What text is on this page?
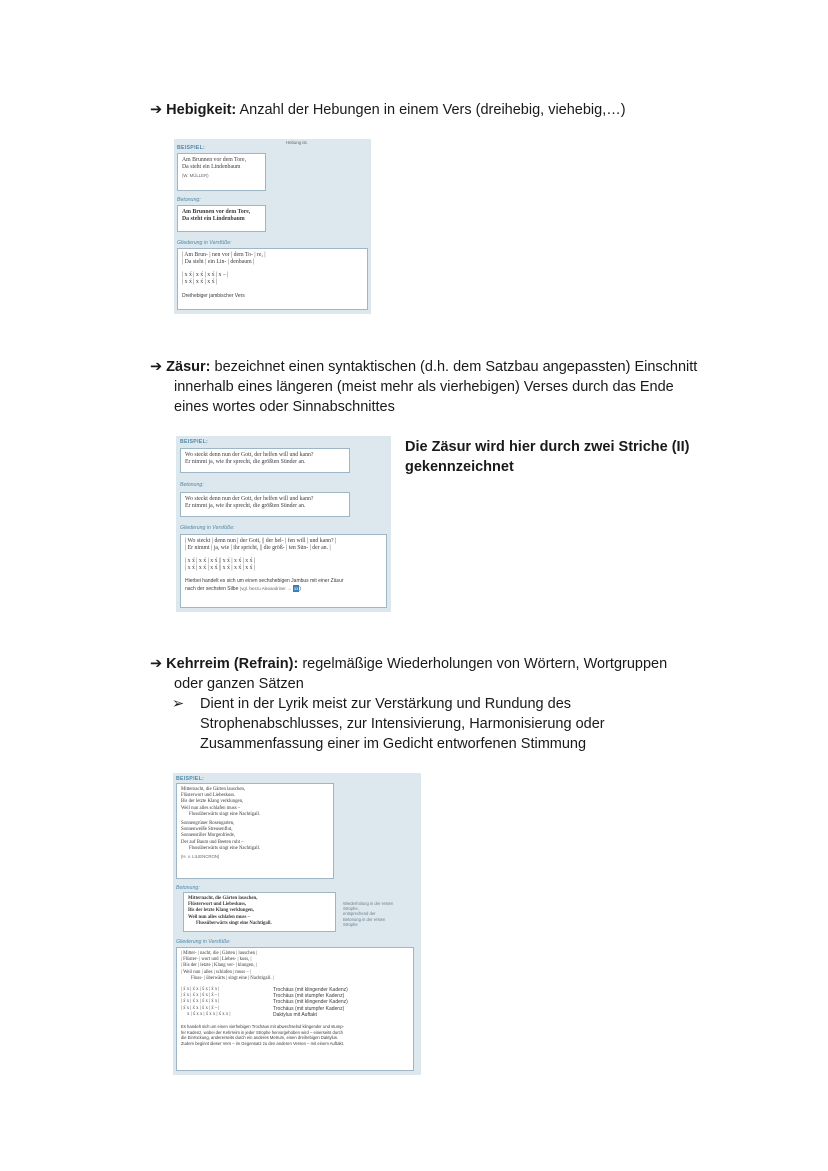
➔ Hebigkeit: Anzahl der Hebungen in einem Vers (dreihebig, viehebig,…)
Hebung ist.
BEISPIEL:
Am Brunnen vor dem Tore,
Da steht ein Lindenbaum
(W. MÜLLER)
Betonung:
Am Brunnen vor dem Tore,
Da steht ein Lindenbaum
Gliederung in Versfüße:
| Am Brun- | nen vor | dem To- | re, |
| Da steht | ein Lin- | denbaum |
| x x́ | x x́ | x x́ | x – |
| x x́ | x x́ | x x́ |
Dreihebiger jambischer Vers
➔ Zäsur: bezeichnet einen syntaktischen (d.h. dem Satzbau angepassten) Einschnitt
innerhalb eines längeren (meist mehr als vierhebigen) Verses durch das Ende
eines wortes oder Sinnabschnittes
BEISPIEL:
Wo steckt denn nun der Gott, der helfen will und kann?
Er nimmt ja, wie ihr sprecht, die größten Sünder an.
Betonung:
Wo steckt denn nun der Gott, der helfen will und kann?
Er nimmt ja, wie ihr sprecht, die größten Sünder an.
Gliederung in Versfüße:
| Wo steckt | denn nun | der Gott, || der hel- | fen will | und kann? |
| Er nimmt | ja, wie | ihr spricht, || die größ- | ten Sün- | der an. |
| x x́ | x x́ | x x́ || x x́ | x x́ | x x́ |
| x x́ | x x́ | x x́ || x x́ | x x́ | x x́ |
Hierbei handelt es sich um einen sechshebigen Jambus mit einer Zäsur
nach der sechsten Silbe (vgl. hierzu Alexandriner → 33)
Die Zäsur wird hier durch zwei Striche (II)
gekennzeichnet
➔ Kehrreim (Refrain): regelmäßige Wiederholungen von Wörtern, Wortgruppen
oder ganzen Sätzen
➢	Dient in der Lyrik meist zur Verstärkung und Rundung des
Strophenabschlusses, zur Intensivierung, Harmonisierung oder
Zusammenfassung einer im Gedicht entworfenen Stimmung
BEISPIEL:
Mitternacht, die Gärten lauschen,
Flüsterwort und Liebeskuss.
Bis der letzte Klang verklungen,
Weil nun alles schlafen muss –
Flussüberwärts singt eine Nachtigall.
Sonnengrüner Rosengarten,
Sonnenweiße Streusenflut,
Sonnenstiller Morgenfriede,
Der auf Baum und Beeten ruht –
Flussüberwärts singt eine Nachtigall.
(H. v. LILIENCRON)
Betonung:
Mitternacht, die Gärten lauschen,
Flüsterwort und Liebeskuss,
Bis der letzte Klang verklungen,
Weil nun alles schlafen muss –
Flussüberwärts singt eine Nachtigall.
Wiederholung in der ersten
Strophe,
entsprechend der
Betonung in der ersten
Strophe
Gliederung in Versfüße:
| Mitter- | nacht, die | Gärten | lauschen |
| Flüster- | wort und | Liebes- | kuss, |
| Bis der | letzte | Klang ver- | klungen, |
| Weil nun | alles | schlafen | muss – |
Fluss- | überwärts | singt eine | Nachtigall. |
| x́ x | x́ x | x́ x | x́ x |
| x́ x | x́ x | x́ x | x́ – |
| x́ x | x́ x | x́ x | x́ x |
| x́ x | x́ x | x́ x | x́ – |
x | x́ x x | x́ x x | x́ x x |
Trochäus (mit klingender Kadenz)
Trochäus (mit stumpfer Kadenz)
Trochäus (mit klingender Kadenz)
Trochäus (mit stumpfer Kadenz)
Daktylus mit Auftakt
Es handelt sich um einen vierhebigen Trochäus mit abwechselnd klingender und stump-
fer Kadenz, wobei der Kehrreim in jeder Strophe hervorgehoben wird – einerseits durch
die Einrückung, andererseits durch ein anderes Metrum, einen dreihebigen Daktylus.
Zudem beginnt dieser Vers – im Gegensatz zu den anderen Versen – mit einem Auftakt.
